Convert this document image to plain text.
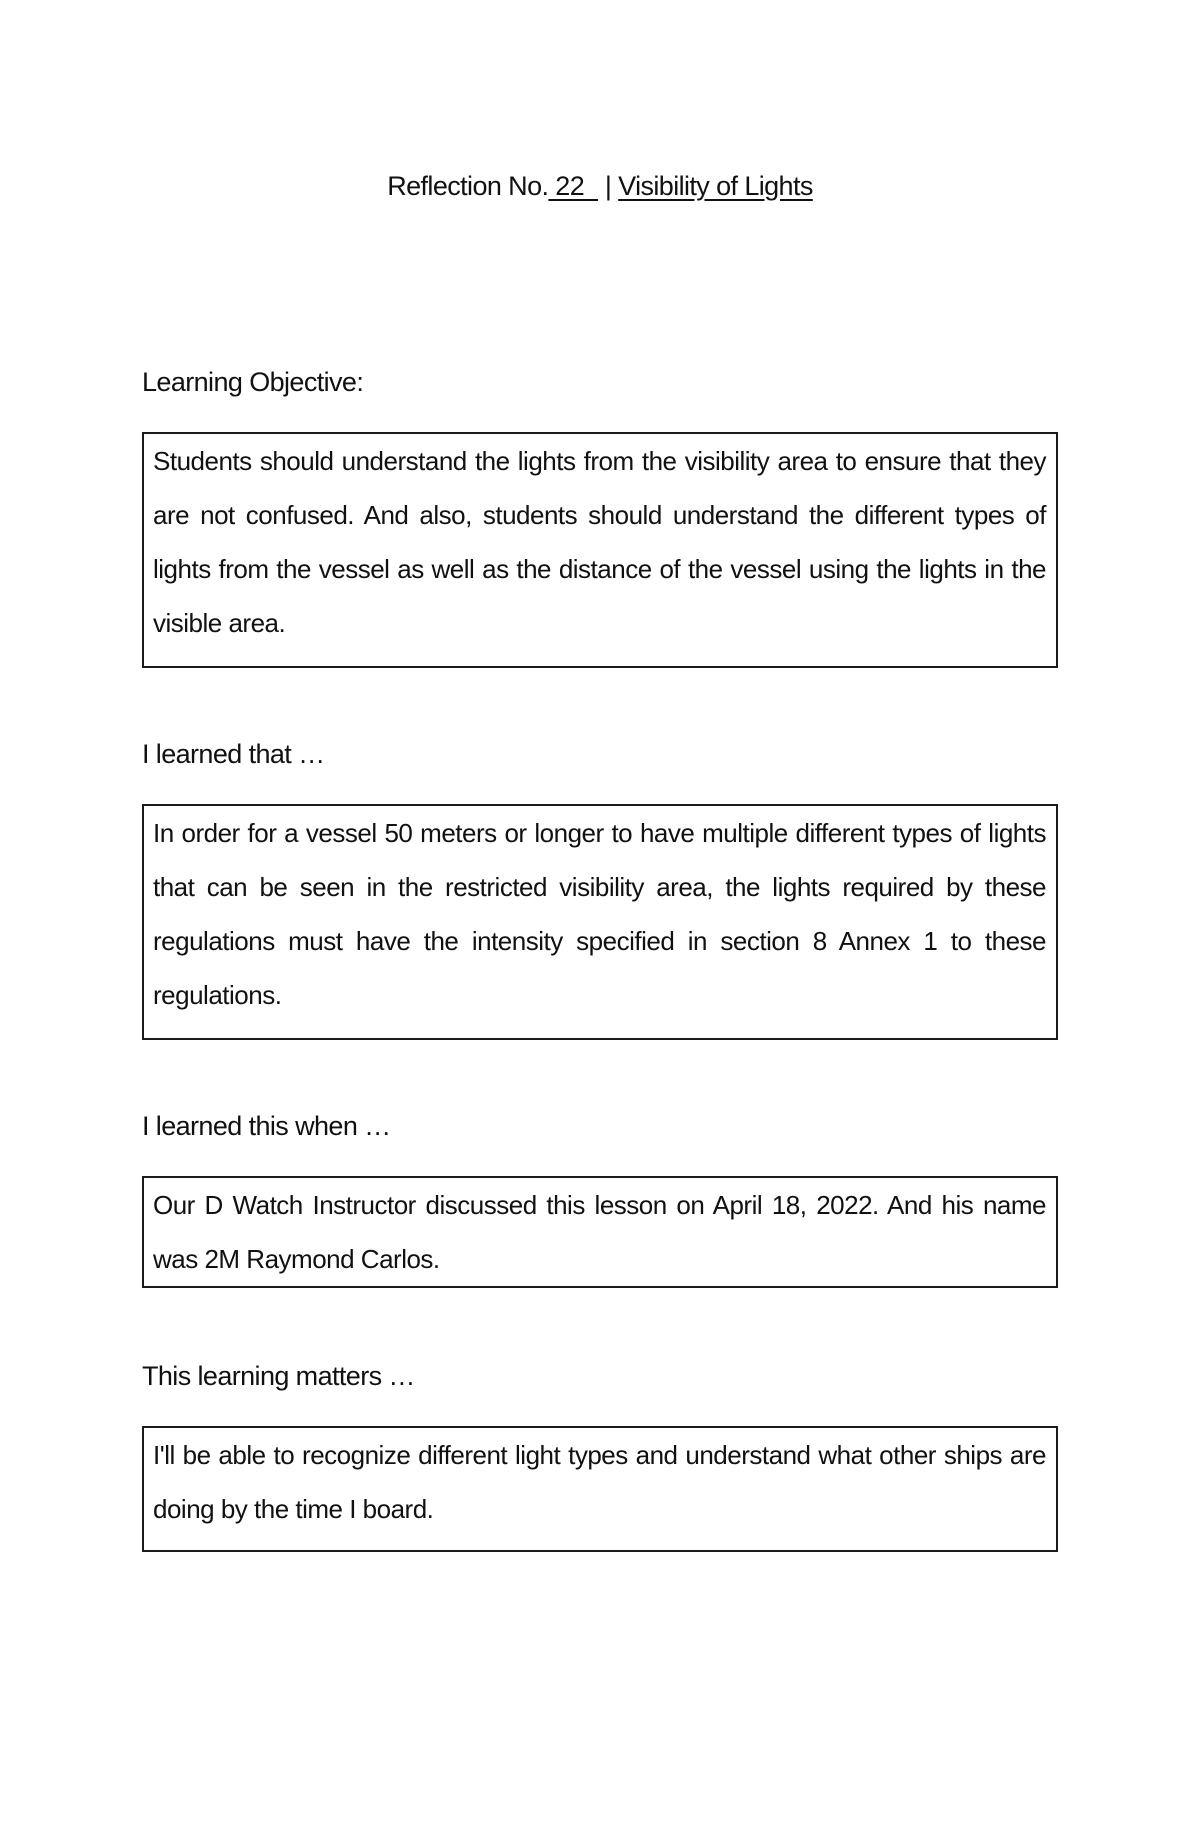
Reflection No. 22   | Visibility of Lights
Learning Objective:

Students should understand the lights from the visibility area to ensure that they are not confused. And also, students should understand the different types of lights from the vessel as well as the distance of the vessel using the lights in the visible area.

I learned that …

In order for a vessel 50 meters or longer to have multiple different types of lights that can be seen in the restricted visibility area, the lights required by these regulations must have the intensity specified in section 8 Annex 1 to these regulations.

I learned this when …

Our D Watch Instructor discussed this lesson on April 18, 2022. And his name was 2M Raymond Carlos.

This learning matters …

I'll be able to recognize different light types and understand what other ships are doing by the time I board.
